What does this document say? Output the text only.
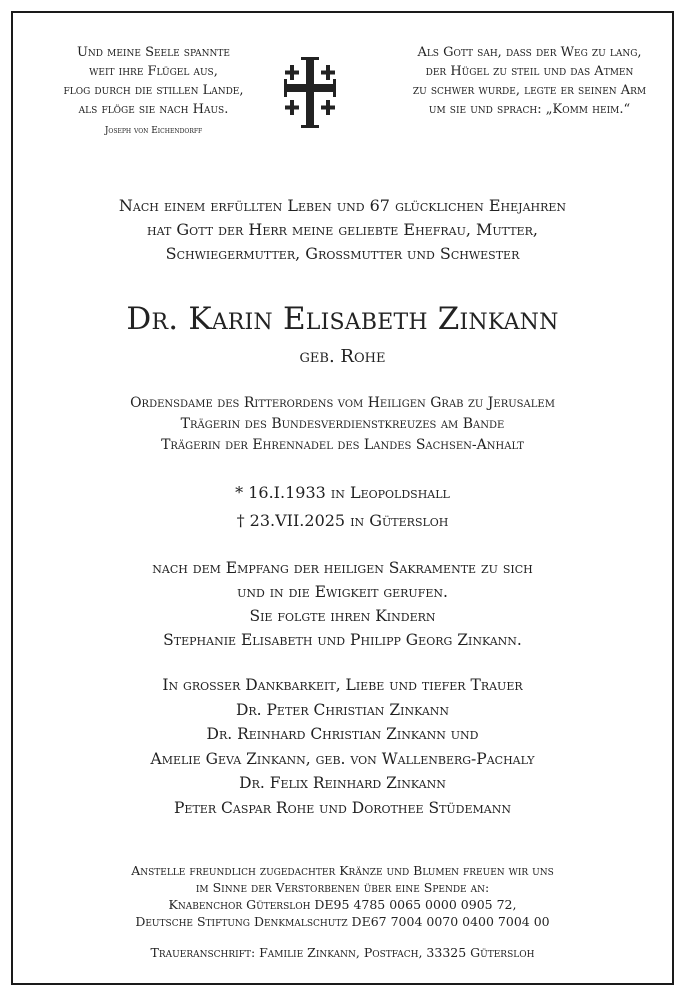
Und meine Seele spannte
weit ihre Flügel aus,
flog durch die stillen Lande,
als flöge sie nach Haus.
Joseph von Eichendorff
Als Gott sah, dass der Weg zu lang,
der Hügel zu steil und das Atmen
zu schwer wurde, legte er seinen Arm
um sie und sprach: „Komm heim.“
Nach einem erfüllten Leben und 67 glücklichen Ehejahren
hat Gott der Herr meine geliebte Ehefrau, Mutter,
Schwiegermutter, Grossmutter und Schwester
Dr. Karin Elisabeth Zinkann
geb. Rohe
Ordensdame des Ritterordens vom Heiligen Grab zu Jerusalem
Trägerin des Bundesverdienstkreuzes am Bande
Trägerin der Ehrennadel des Landes Sachsen-Anhalt
* 16.I.1933 in Leopoldshall
† 23.VII.2025 in Gütersloh
nach dem Empfang der heiligen Sakramente zu sich
und in die Ewigkeit gerufen.
Sie folgte ihren Kindern
Stephanie Elisabeth und Philipp Georg Zinkann.
In grosser Dankbarkeit, Liebe und tiefer Trauer
Dr. Peter Christian Zinkann
Dr. Reinhard Christian Zinkann und
Amelie Geva Zinkann, geb. von Wallenberg-Pachaly
Dr. Felix Reinhard Zinkann
Peter Caspar Rohe und Dorothee Stüdemann
Anstelle freundlich zugedachter Kränze und Blumen freuen wir uns
im Sinne der Verstorbenen über eine Spende an:
Knabenchor Gütersloh DE95 4785 0065 0000 0905 72,
Deutsche Stiftung Denkmalschutz DE67 7004 0070 0400 7004 00
Traueranschrift: Familie Zinkann, Postfach, 33325 Gütersloh
